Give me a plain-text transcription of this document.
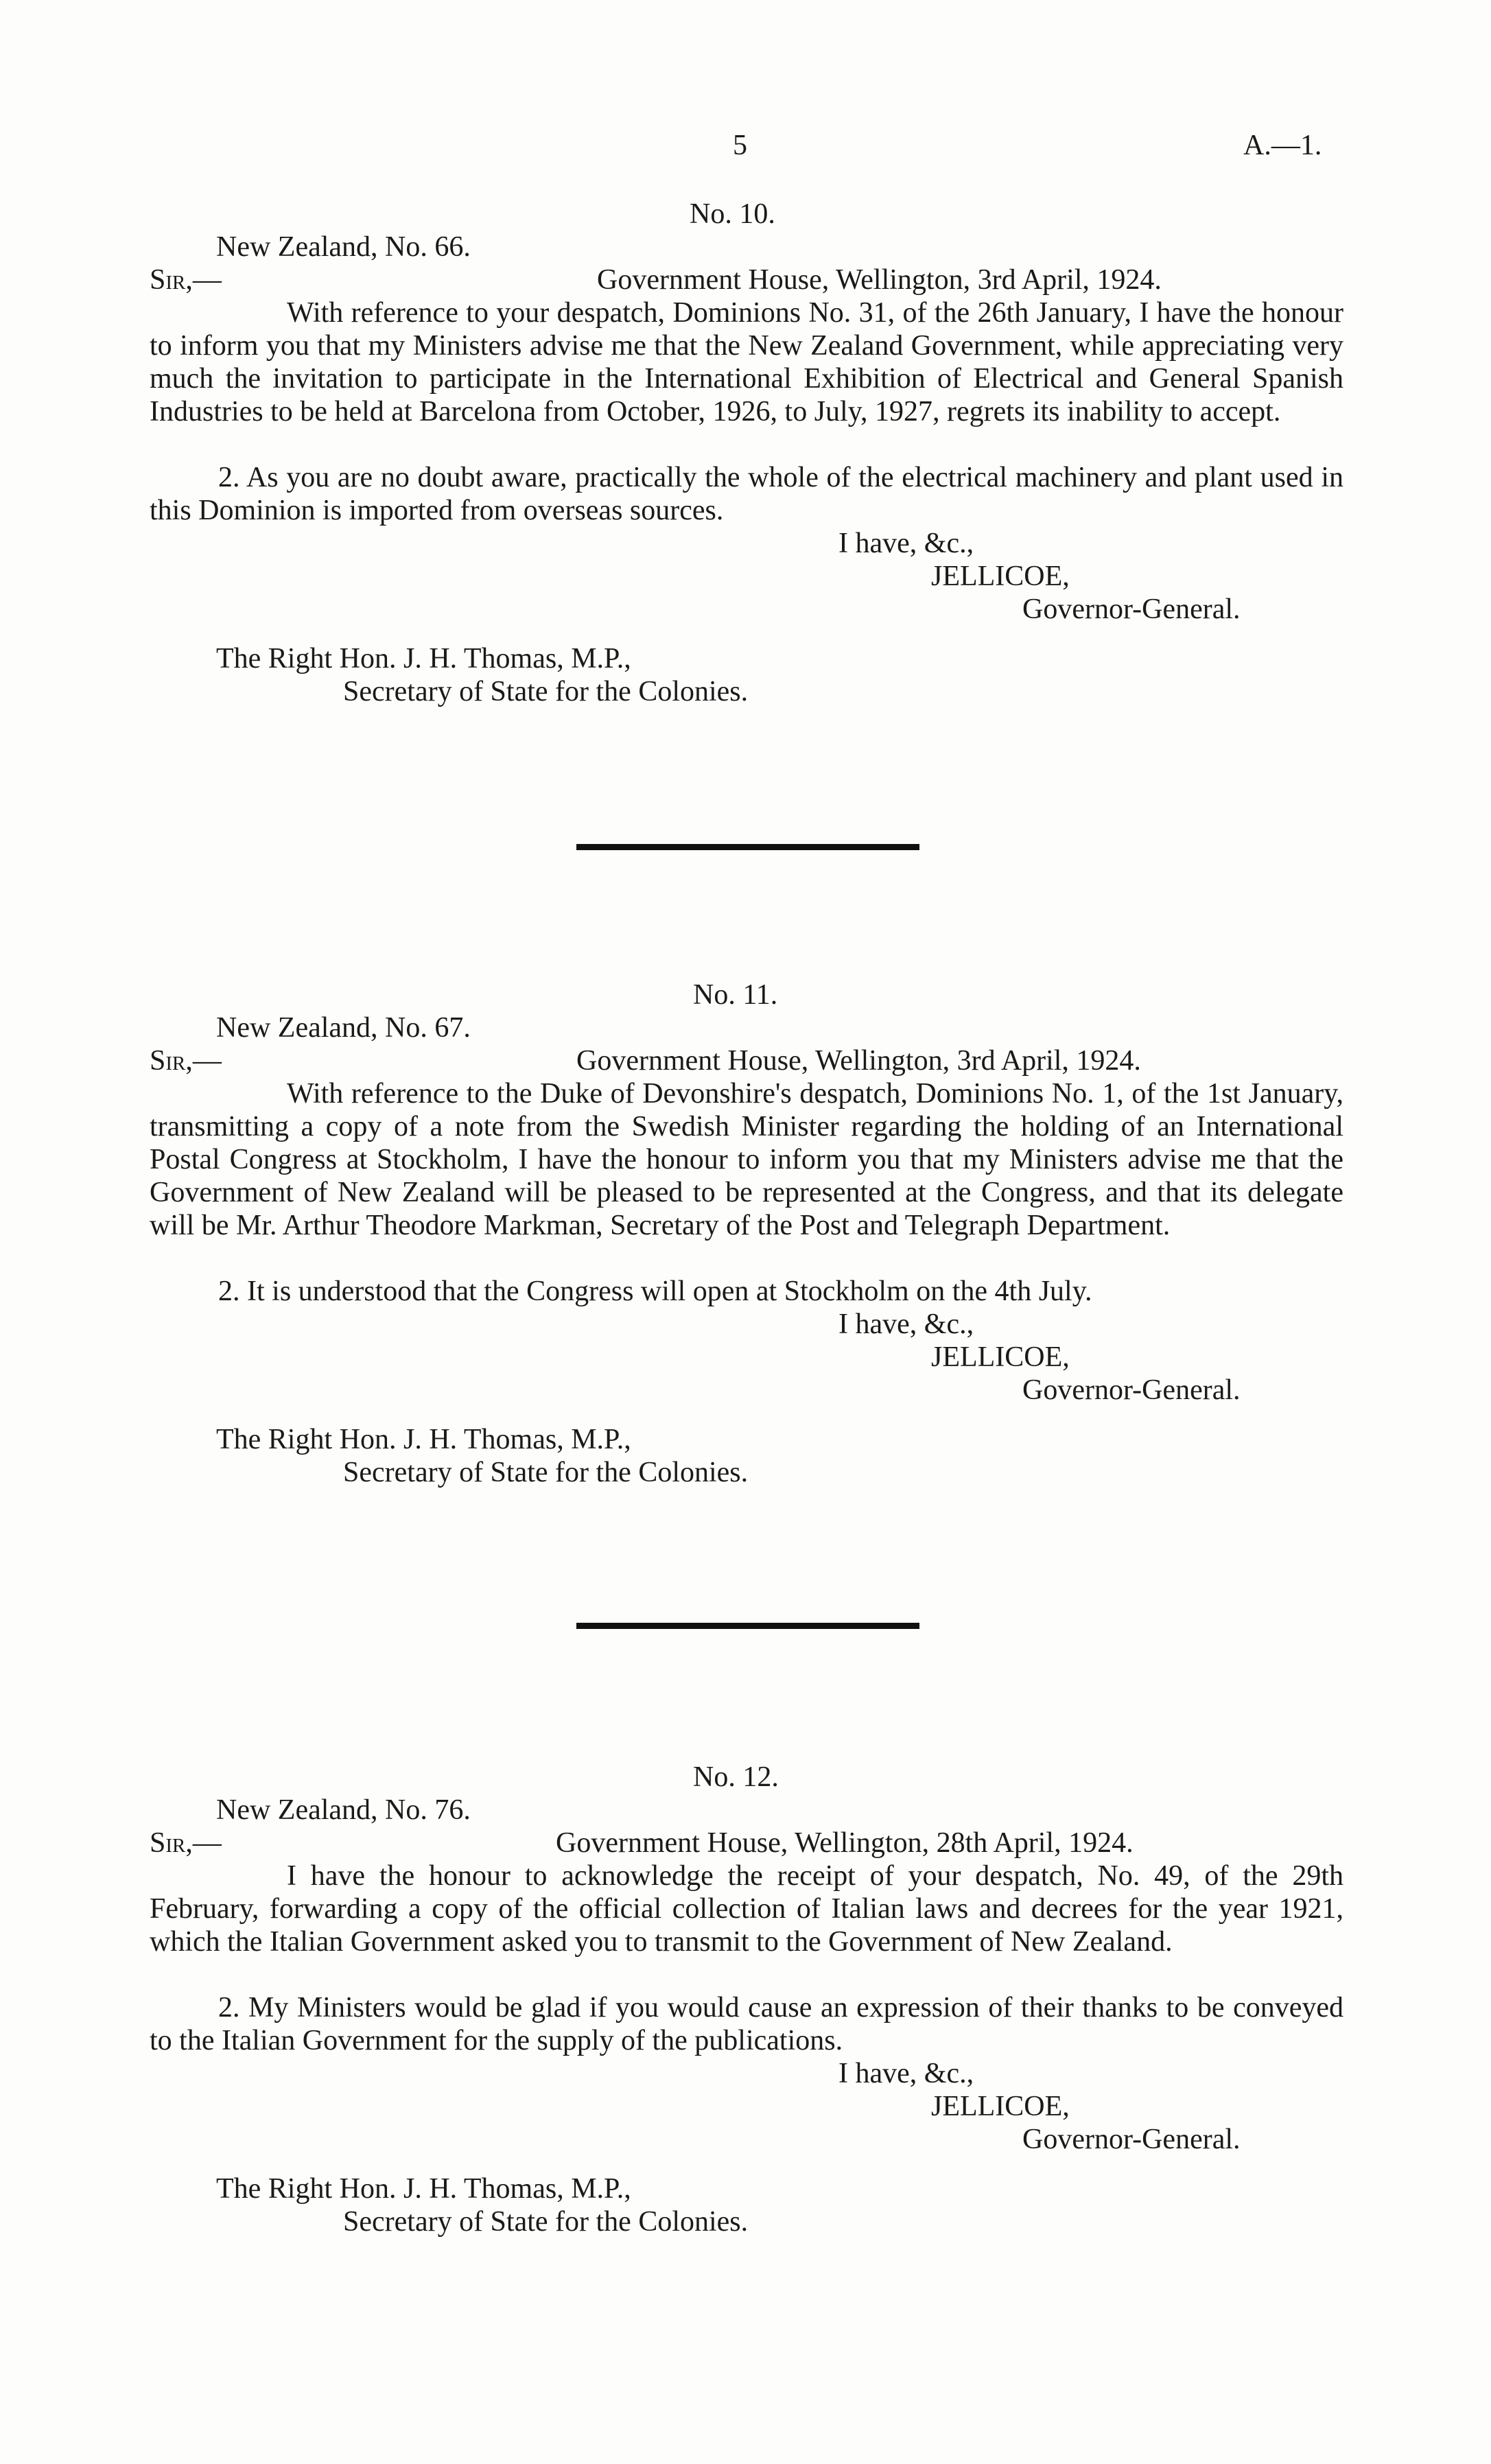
5	A.—1.
No. 10.
New Zealand, No. 66.
Sir,—	Government House, Wellington, 3rd April, 1924.
With reference to your despatch, Dominions No. 31, of the 26th January, I have the honour to inform you that my Ministers advise me that the New Zealand Government, while appreciating very much the invitation to participate in the International Exhibition of Electrical and General Spanish Industries to be held at Barcelona from October, 1926, to July, 1927, regrets its inability to accept.
2. As you are no doubt aware, practically the whole of the electrical machinery and plant used in this Dominion is imported from overseas sources.
I have, &c.,
JELLICOE,
Governor-General.
The Right Hon. J. H. Thomas, M.P.,
Secretary of State for the Colonies.
No. 11.
New Zealand, No. 67.
Sir,—	Government House, Wellington, 3rd April, 1924.
With reference to the Duke of Devonshire's despatch, Dominions No. 1, of the 1st January, transmitting a copy of a note from the Swedish Minister regarding the holding of an International Postal Congress at Stockholm, I have the honour to inform you that my Ministers advise me that the Government of New Zealand will be pleased to be represented at the Congress, and that its delegate will be Mr. Arthur Theodore Markman, Secretary of the Post and Telegraph Department.
2. It is understood that the Congress will open at Stockholm on the 4th July.
I have, &c.,
JELLICOE,
Governor-General.
The Right Hon. J. H. Thomas, M.P.,
Secretary of State for the Colonies.
No. 12.
New Zealand, No. 76.
Sir,—	Government House, Wellington, 28th April, 1924.
I have the honour to acknowledge the receipt of your despatch, No. 49, of the 29th February, forwarding a copy of the official collection of Italian laws and decrees for the year 1921, which the Italian Government asked you to transmit to the Government of New Zealand.
2. My Ministers would be glad if you would cause an expression of their thanks to be conveyed to the Italian Government for the supply of the publications.
I have, &c.,
JELLICOE,
Governor-General.
The Right Hon. J. H. Thomas, M.P.,
Secretary of State for the Colonies.
